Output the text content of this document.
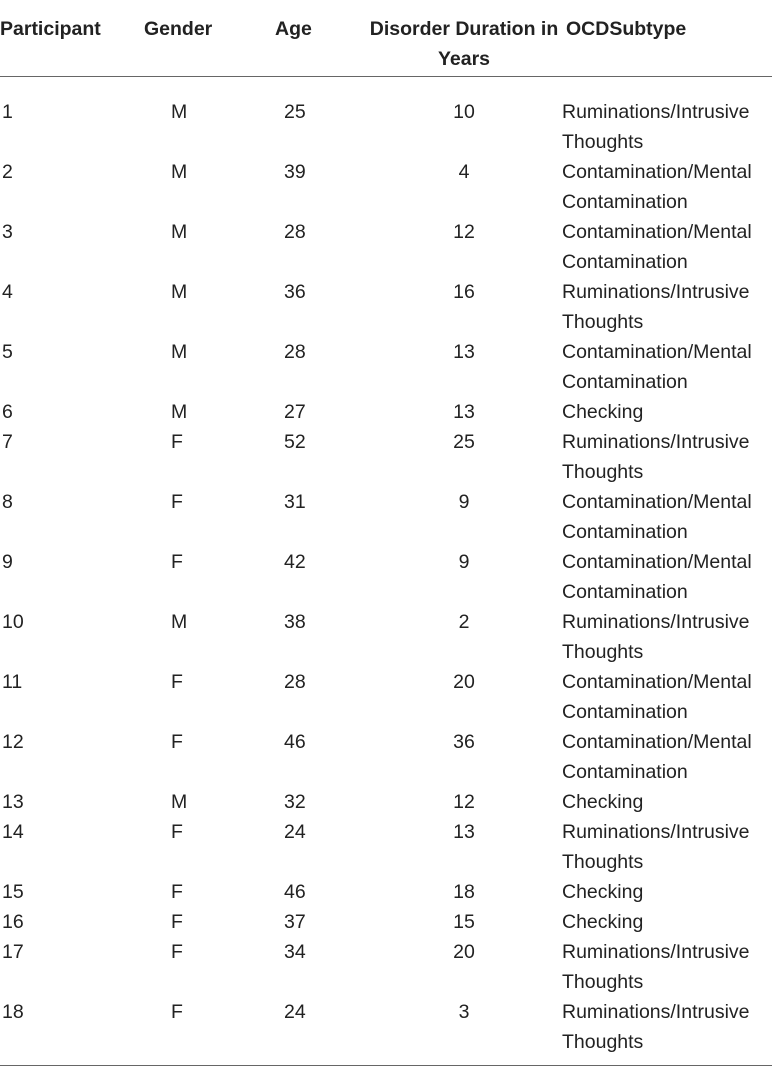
Participant	Gender	Age	Disorder Duration in Years	OCDSubtype
1	M	25	10	Ruminations/Intrusive Thoughts
2	M	39	4	Contamination/Mental Contamination
3	M	28	12	Contamination/Mental Contamination
4	M	36	16	Ruminations/Intrusive Thoughts
5	M	28	13	Contamination/Mental Contamination
6	M	27	13	Checking
7	F	52	25	Ruminations/Intrusive Thoughts
8	F	31	9	Contamination/Mental Contamination
9	F	42	9	Contamination/Mental Contamination
10	M	38	2	Ruminations/Intrusive Thoughts
11	F	28	20	Contamination/Mental Contamination
12	F	46	36	Contamination/Mental Contamination
13	M	32	12	Checking
14	F	24	13	Ruminations/Intrusive Thoughts
15	F	46	18	Checking
16	F	37	15	Checking
17	F	34	20	Ruminations/Intrusive Thoughts
18	F	24	3	Ruminations/Intrusive Thoughts
